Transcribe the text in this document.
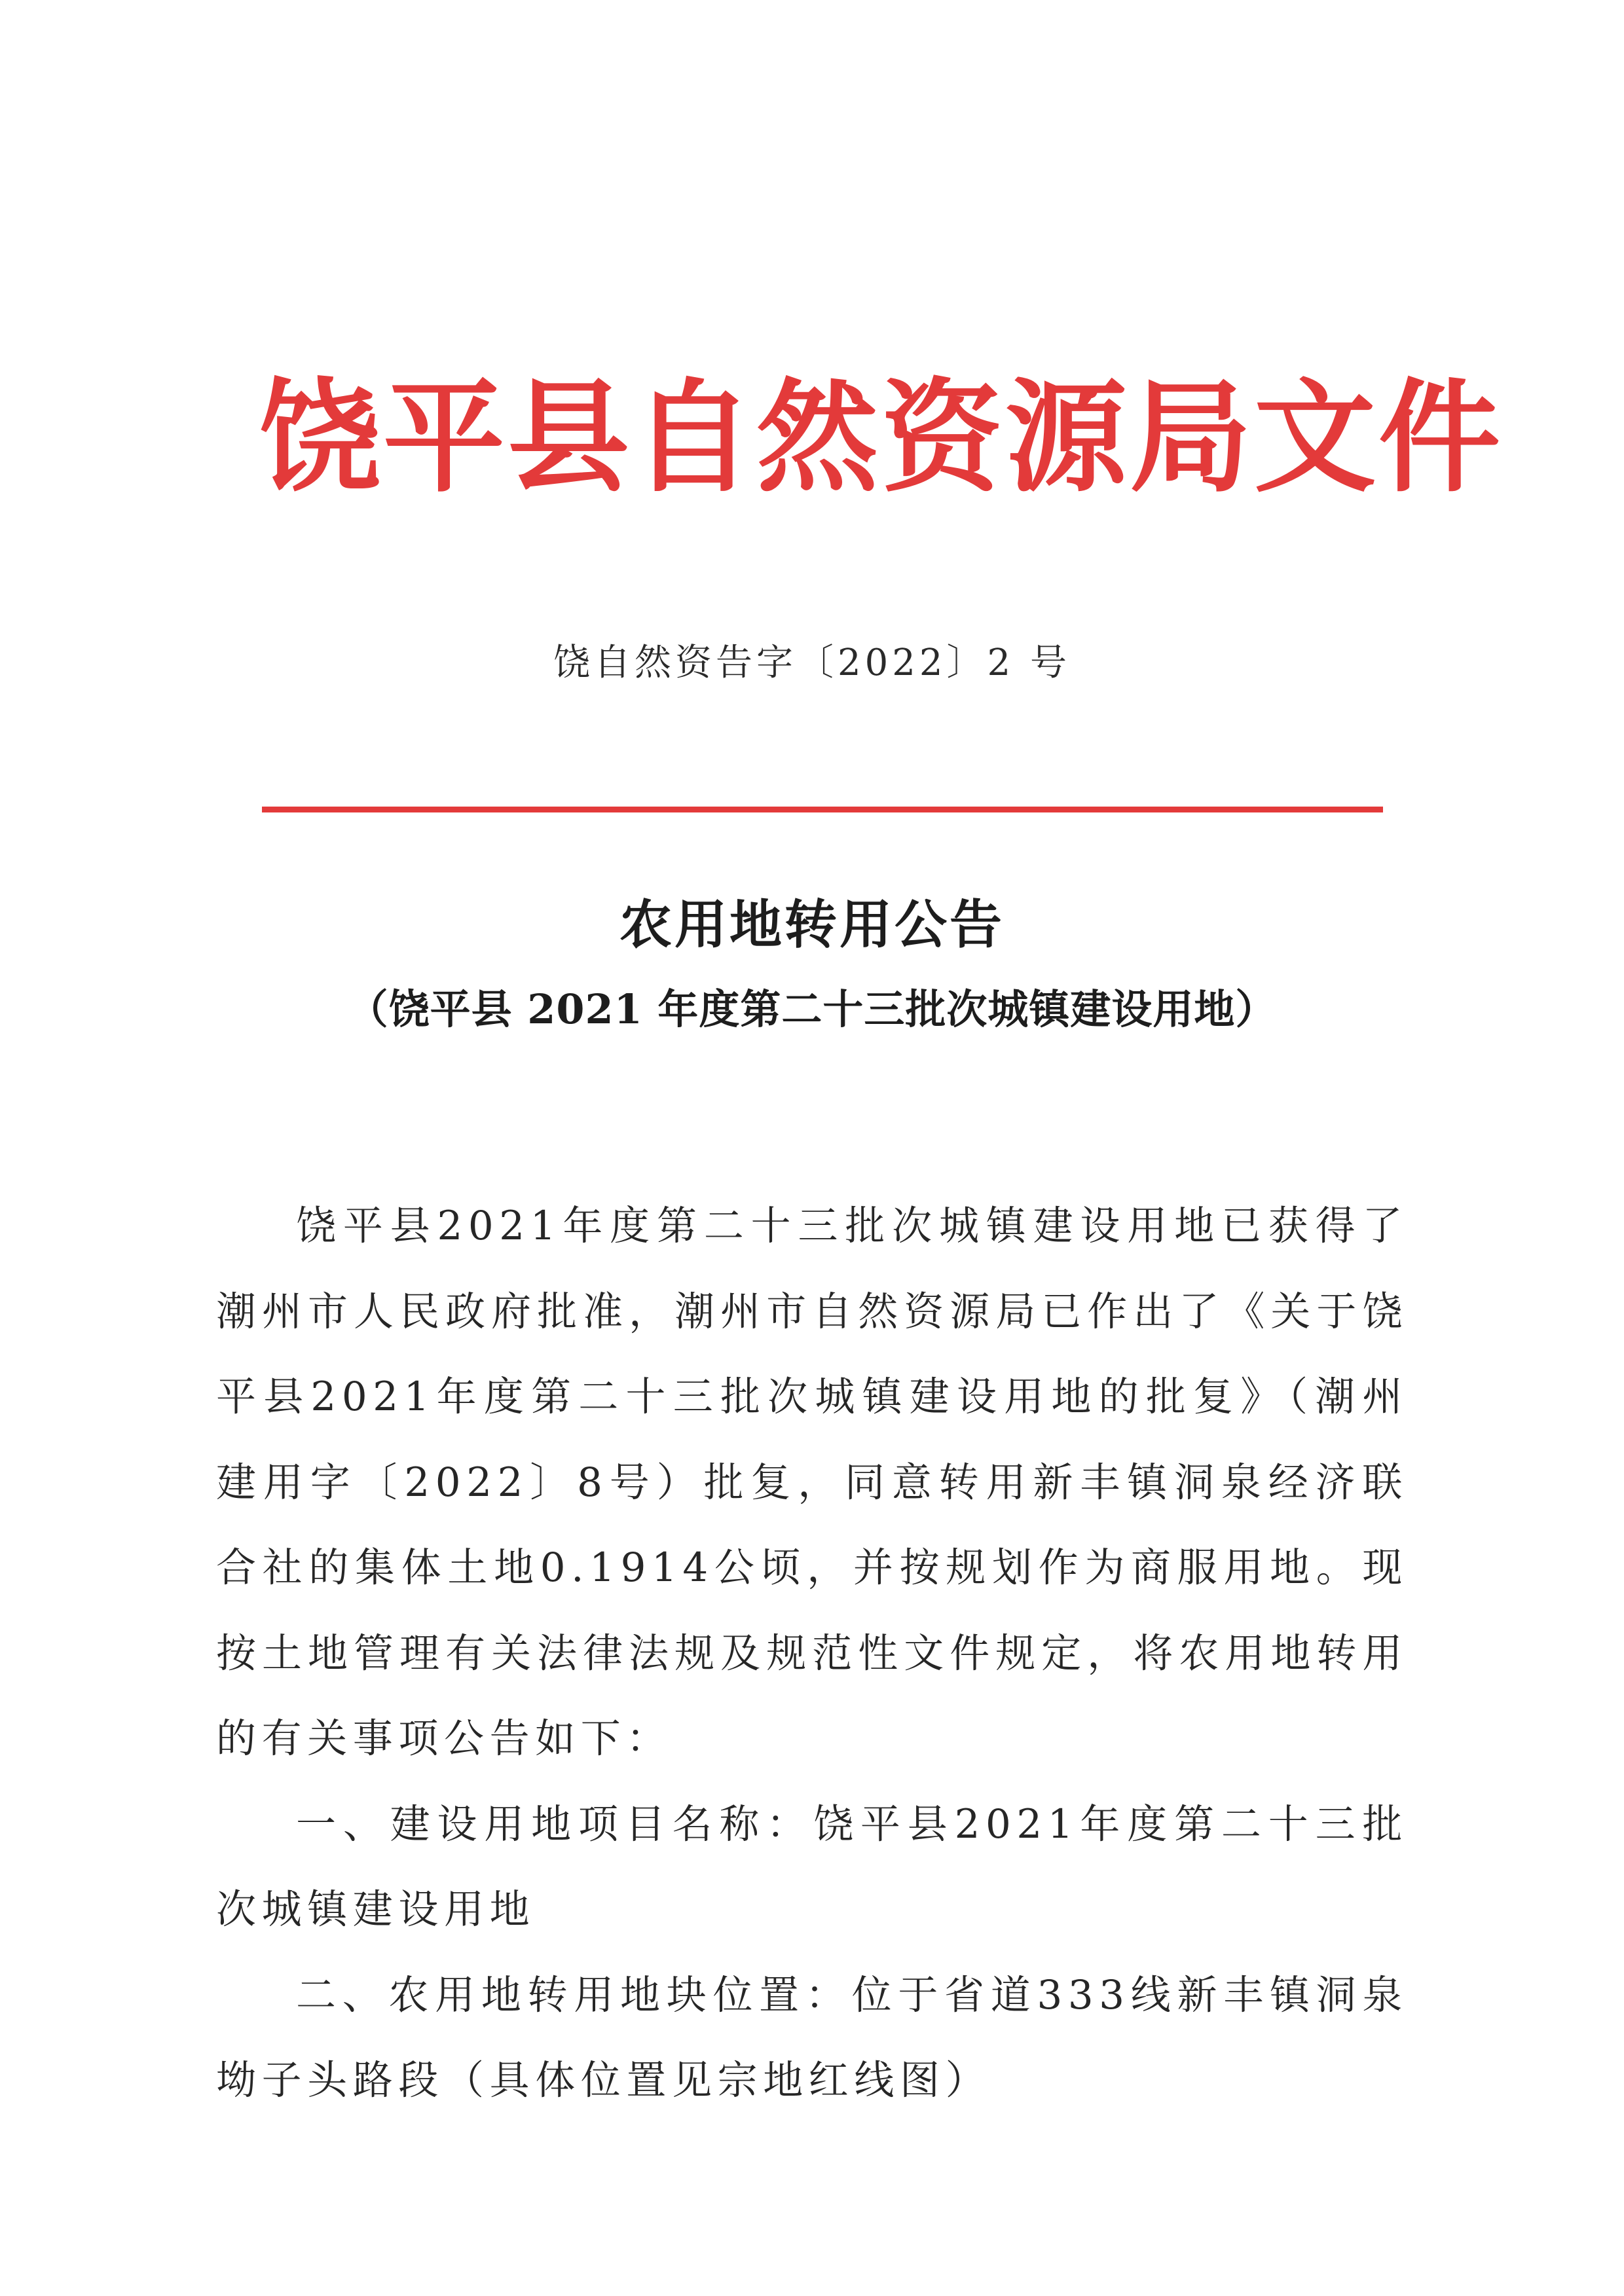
饶平县自然资源局文件
饶自然资告字〔2022〕2 号
农用地转用公告
（饶平县 2021 年度第二十三批次城镇建设用地）

饶平县2021年度第二十三批次城镇建设用地已获得了潮州市人民政府批准，潮州市自然资源局已作出了《关于饶平县2021年度第二十三批次城镇建设用地的批复》（潮州建用字〔2022〕8号）批复，同意转用新丰镇洞泉经济联合社的集体土地0.1914公顷，并按规划作为商服用地。现按土地管理有关法律法规及规范性文件规定，将农用地转用的有关事项公告如下：

一、建设用地项目名称：饶平县2021年度第二十三批次城镇建设用地

二、农用地转用地块位置：位于省道333线新丰镇洞泉坳子头路段（具体位置见宗地红线图）
